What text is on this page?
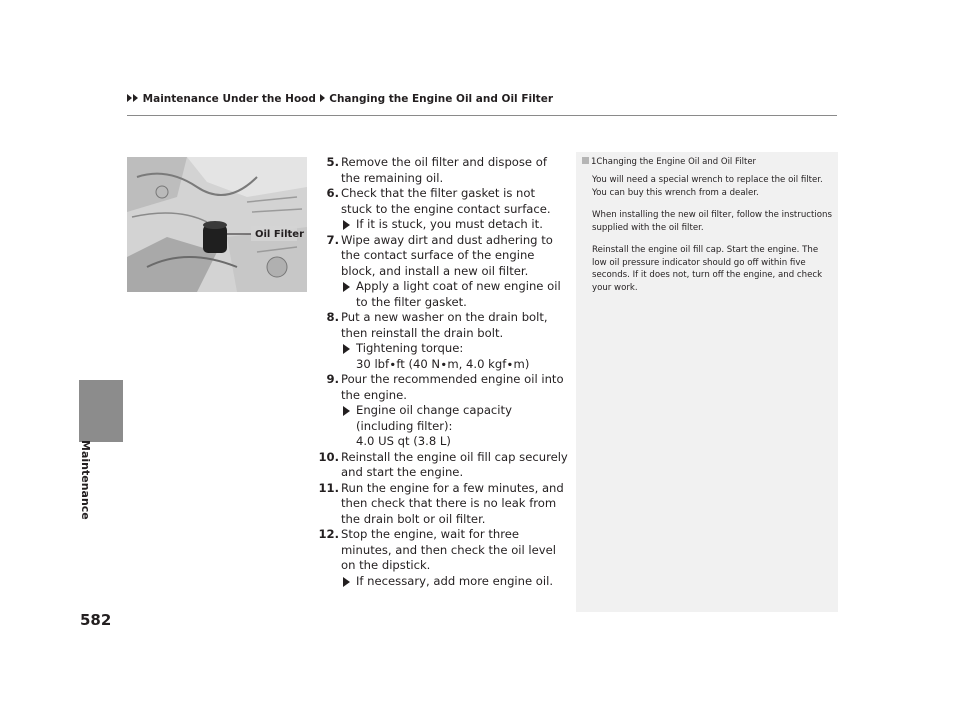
Maintenance Under the Hood Changing the Engine Oil and Oil Filter
Maintenance
Oil Filter
5. Remove the oil filter and dispose of the remaining oil.
6. Check that the filter gasket is not stuck to the engine contact surface.
If it is stuck, you must detach it.
7. Wipe away dirt and dust adhering to the contact surface of the engine block, and install a new oil filter.
Apply a light coat of new engine oil to the filter gasket.
8. Put a new washer on the drain bolt, then reinstall the drain bolt.
Tightening torque:
30 lbf∙ft (40 N∙m, 4.0 kgf∙m)
9. Pour the recommended engine oil into the engine.
Engine oil change capacity (including filter):
4.0 US qt (3.8 L)
10. Reinstall the engine oil fill cap securely and start the engine.
11. Run the engine for a few minutes, and then check that there is no leak from the drain bolt or oil filter.
12. Stop the engine, wait for three minutes, and then check the oil level on the dipstick.
If necessary, add more engine oil.
1Changing the Engine Oil and Oil Filter

You will need a special wrench to replace the oil filter. You can buy this wrench from a dealer.

When installing the new oil filter, follow the instructions supplied with the oil filter.

Reinstall the engine oil fill cap. Start the engine. The low oil pressure indicator should go off within five seconds. If it does not, turn off the engine, and check your work.

582
